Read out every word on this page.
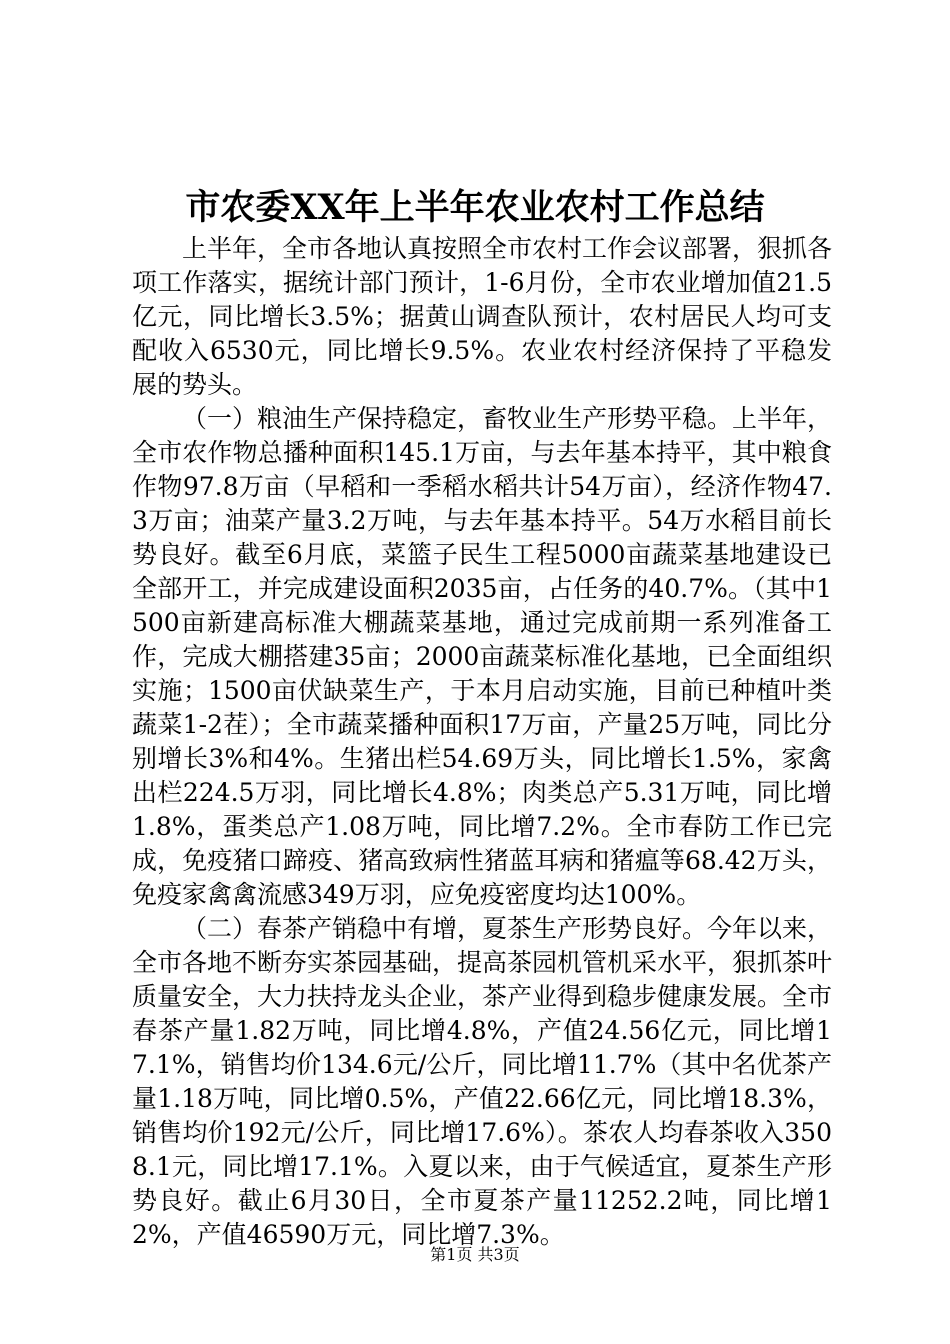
市农委XX年上半年农业农村工作总结

上半年，全市各地认真按照全市农村工作会议部署，狠抓各项工作落实，据统计部门预计，1-6月份，全市农业增加值21.5亿元，同比增长3.5%；据黄山调查队预计，农村居民人均可支配收入6530元，同比增长9.5%。农业农村经济保持了平稳发展的势头。

（一）粮油生产保持稳定，畜牧业生产形势平稳。上半年，全市农作物总播种面积145.1万亩，与去年基本持平，其中粮食作物97.8万亩（早稻和一季稻水稻共计54万亩），经济作物47.3万亩；油菜产量3.2万吨，与去年基本持平。54万水稻目前长势良好。截至6月底，菜篮子民生工程5000亩蔬菜基地建设已全部开工，并完成建设面积2035亩，占任务的40.7%。（其中1500亩新建高标准大棚蔬菜基地，通过完成前期一系列准备工作，完成大棚搭建35亩；2000亩蔬菜标准化基地，已全面组织实施；1500亩伏缺菜生产，于本月启动实施，目前已种植叶类蔬菜1-2茬）；全市蔬菜播种面积17万亩，产量25万吨，同比分别增长3%和4%。生猪出栏54.69万头，同比增长1.5%，家禽出栏224.5万羽，同比增长4.8%；肉类总产5.31万吨，同比增1.8%，蛋类总产1.08万吨，同比增7.2%。全市春防工作已完成，免疫猪口蹄疫、猪高致病性猪蓝耳病和猪瘟等68.42万头，免疫家禽禽流感349万羽，应免疫密度均达100%。

（二）春茶产销稳中有增，夏茶生产形势良好。今年以来，全市各地不断夯实茶园基础，提高茶园机管机采水平，狠抓茶叶质量安全，大力扶持龙头企业，茶产业得到稳步健康发展。全市春茶产量1.82万吨，同比增4.8%，产值24.56亿元，同比增17.1%，销售均价134.6元/公斤，同比增11.7%（其中名优茶产量1.18万吨，同比增0.5%，产值22.66亿元，同比增18.3%，销售均价192元/公斤，同比增17.6%）。茶农人均春茶收入3508.1元，同比增17.1%。入夏以来，由于气候适宜，夏茶生产形势良好。截止6月30日，全市夏茶产量11252.2吨，同比增12%，产值46590万元，同比增7.3%。

第1页 共3页
